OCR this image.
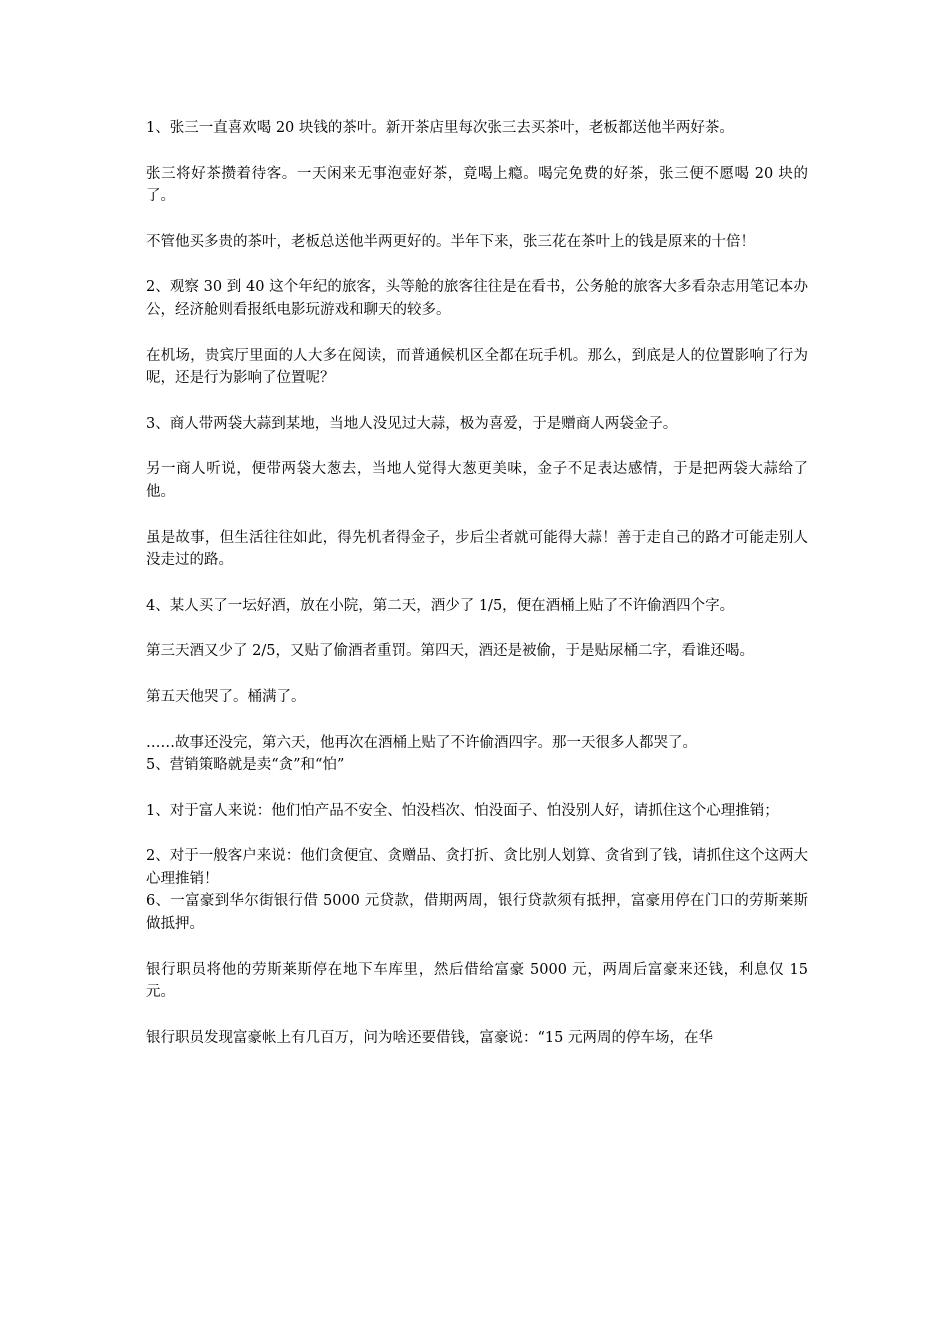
1、张三一直喜欢喝 20 块钱的茶叶。新开茶店里每次张三去买茶叶，老板都送他半两好茶。

张三将好茶攒着待客。一天闲来无事泡壶好茶，竟喝上瘾。喝完免费的好茶，张三便不愿喝 20 块的了。

不管他买多贵的茶叶，老板总送他半两更好的。半年下来，张三花在茶叶上的钱是原来的十倍！

2、观察 30 到 40 这个年纪的旅客，头等舱的旅客往往是在看书，公务舱的旅客大多看杂志用笔记本办公，经济舱则看报纸电影玩游戏和聊天的较多。

在机场，贵宾厅里面的人大多在阅读，而普通候机区全都在玩手机。那么，到底是人的位置影响了行为呢，还是行为影响了位置呢？

3、商人带两袋大蒜到某地，当地人没见过大蒜，极为喜爱，于是赠商人两袋金子。

另一商人听说，便带两袋大葱去，当地人觉得大葱更美味，金子不足表达感情，于是把两袋大蒜给了他。

虽是故事，但生活往往如此，得先机者得金子，步后尘者就可能得大蒜！善于走自己的路才可能走别人没走过的路。

4、某人买了一坛好酒，放在小院，第二天，酒少了 1/5，便在酒桶上贴了不许偷酒四个字。

第三天酒又少了 2/5，又贴了偷酒者重罚。第四天，酒还是被偷，于是贴尿桶二字，看谁还喝。

第五天他哭了。桶满了。

……故事还没完，第六天，他再次在酒桶上贴了不许偷酒四字。那一天很多人都哭了。

5、营销策略就是卖“贪”和“怕”

1、对于富人来说：他们怕产品不安全、怕没档次、怕没面子、怕没别人好，请抓住这个心理推销；

2、对于一般客户来说：他们贪便宜、贪赠品、贪打折、贪比别人划算、贪省到了钱，请抓住这个这两大心理推销！

6、一富豪到华尔街银行借 5000 元贷款，借期两周，银行贷款须有抵押，富豪用停在门口的劳斯莱斯做抵押。

银行职员将他的劳斯莱斯停在地下车库里，然后借给富豪 5000 元，两周后富豪来还钱，利息仅 15 元。

银行职员发现富豪帐上有几百万，问为啥还要借钱，富豪说：“15 元两周的停车场，在华
